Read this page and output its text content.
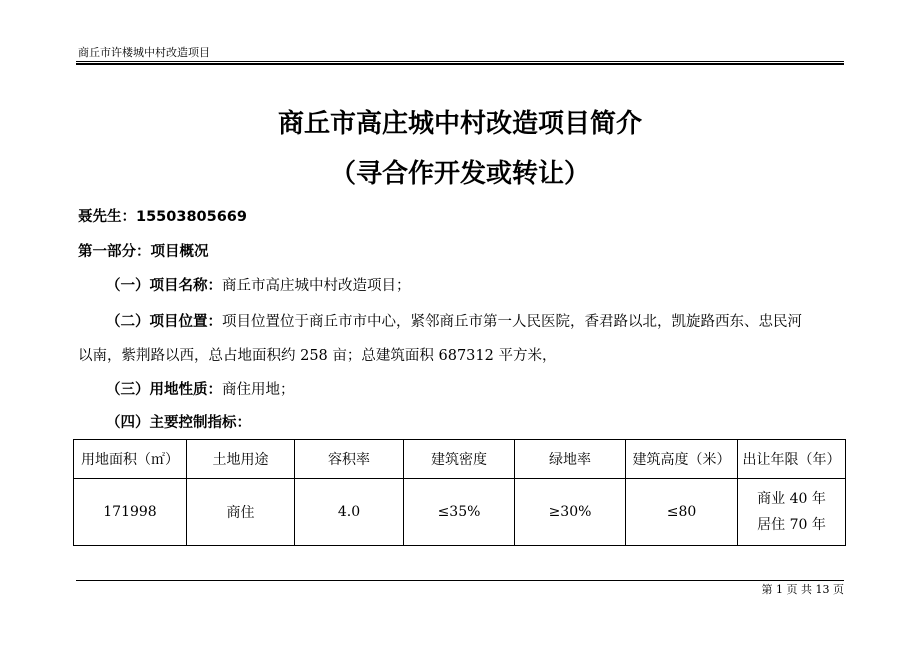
商丘市许楼城中村改造项目
商丘市高庄城中村改造项目简介
（寻合作开发或转让）
聂先生：15503805669
第一部分：项目概况
（一）项目名称：商丘市高庄城中村改造项目；
（二）项目位置：项目位置位于商丘市市中心，紧邻商丘市第一人民医院，香君路以北，凯旋路西东、忠民河
以南，紫荆路以西，总占地面积约 258 亩；总建筑面积 687312 平方米，
（三）用地性质：商住用地；
（四）主要控制指标：
用地面积（㎡）	土地用途	容积率	建筑密度	绿地率	建筑高度（米）	出让年限（年）
171998	商住	4.0	≤35%	≥30%	≤80	商业 40 年
居住 70 年
第 1 页 共 13 页
